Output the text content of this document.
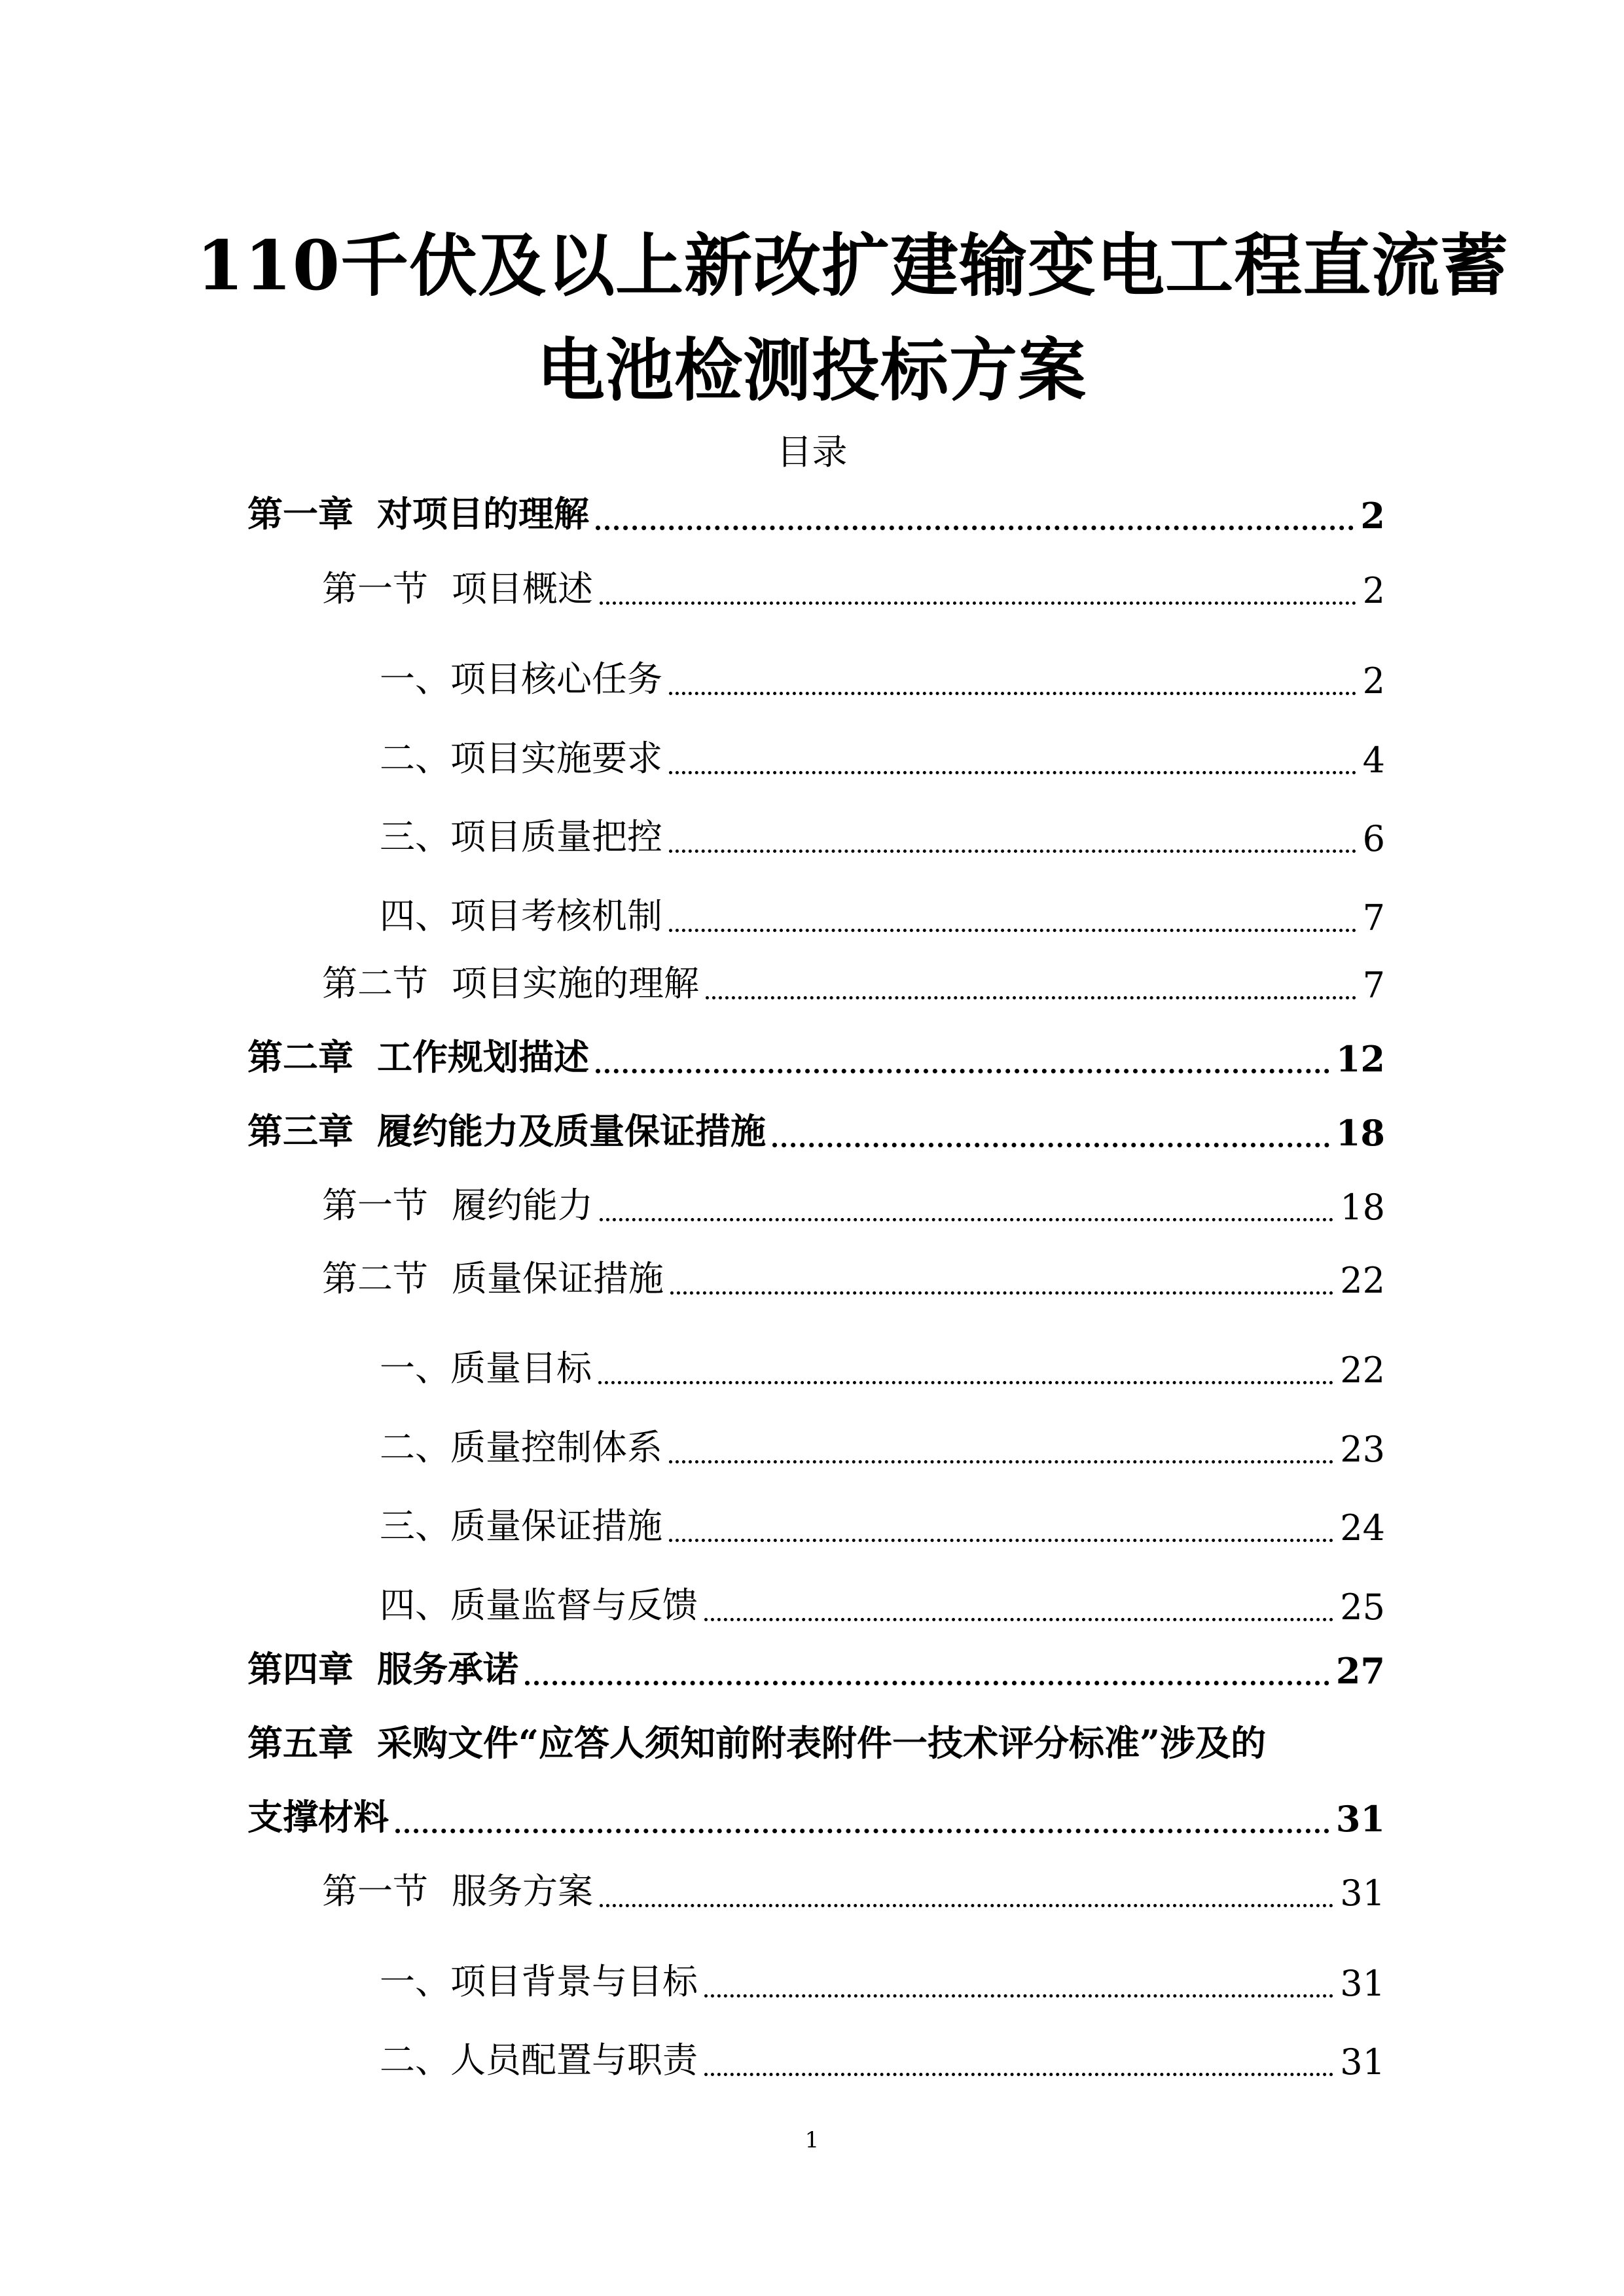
110千伏及以上新改扩建输变电工程直流蓄
电池检测投标方案
目录
第一章 对项目的理解	2
第一节 项目概述	2
一、项目核心任务	2
二、项目实施要求	4
三、项目质量把控	6
四、项目考核机制	7
第二节 项目实施的理解	7
第二章 工作规划描述	12
第三章 履约能力及质量保证措施	18
第一节 履约能力	18
第二节 质量保证措施	22
一、质量目标	22
二、质量控制体系	23
三、质量保证措施	24
四、质量监督与反馈	25
第四章 服务承诺	27
第五章 采购文件“应答人须知前附表附件一技术评分标准”涉及的
支撑材料	31
第一节 服务方案	31
一、项目背景与目标	31
二、人员配置与职责	31
1
